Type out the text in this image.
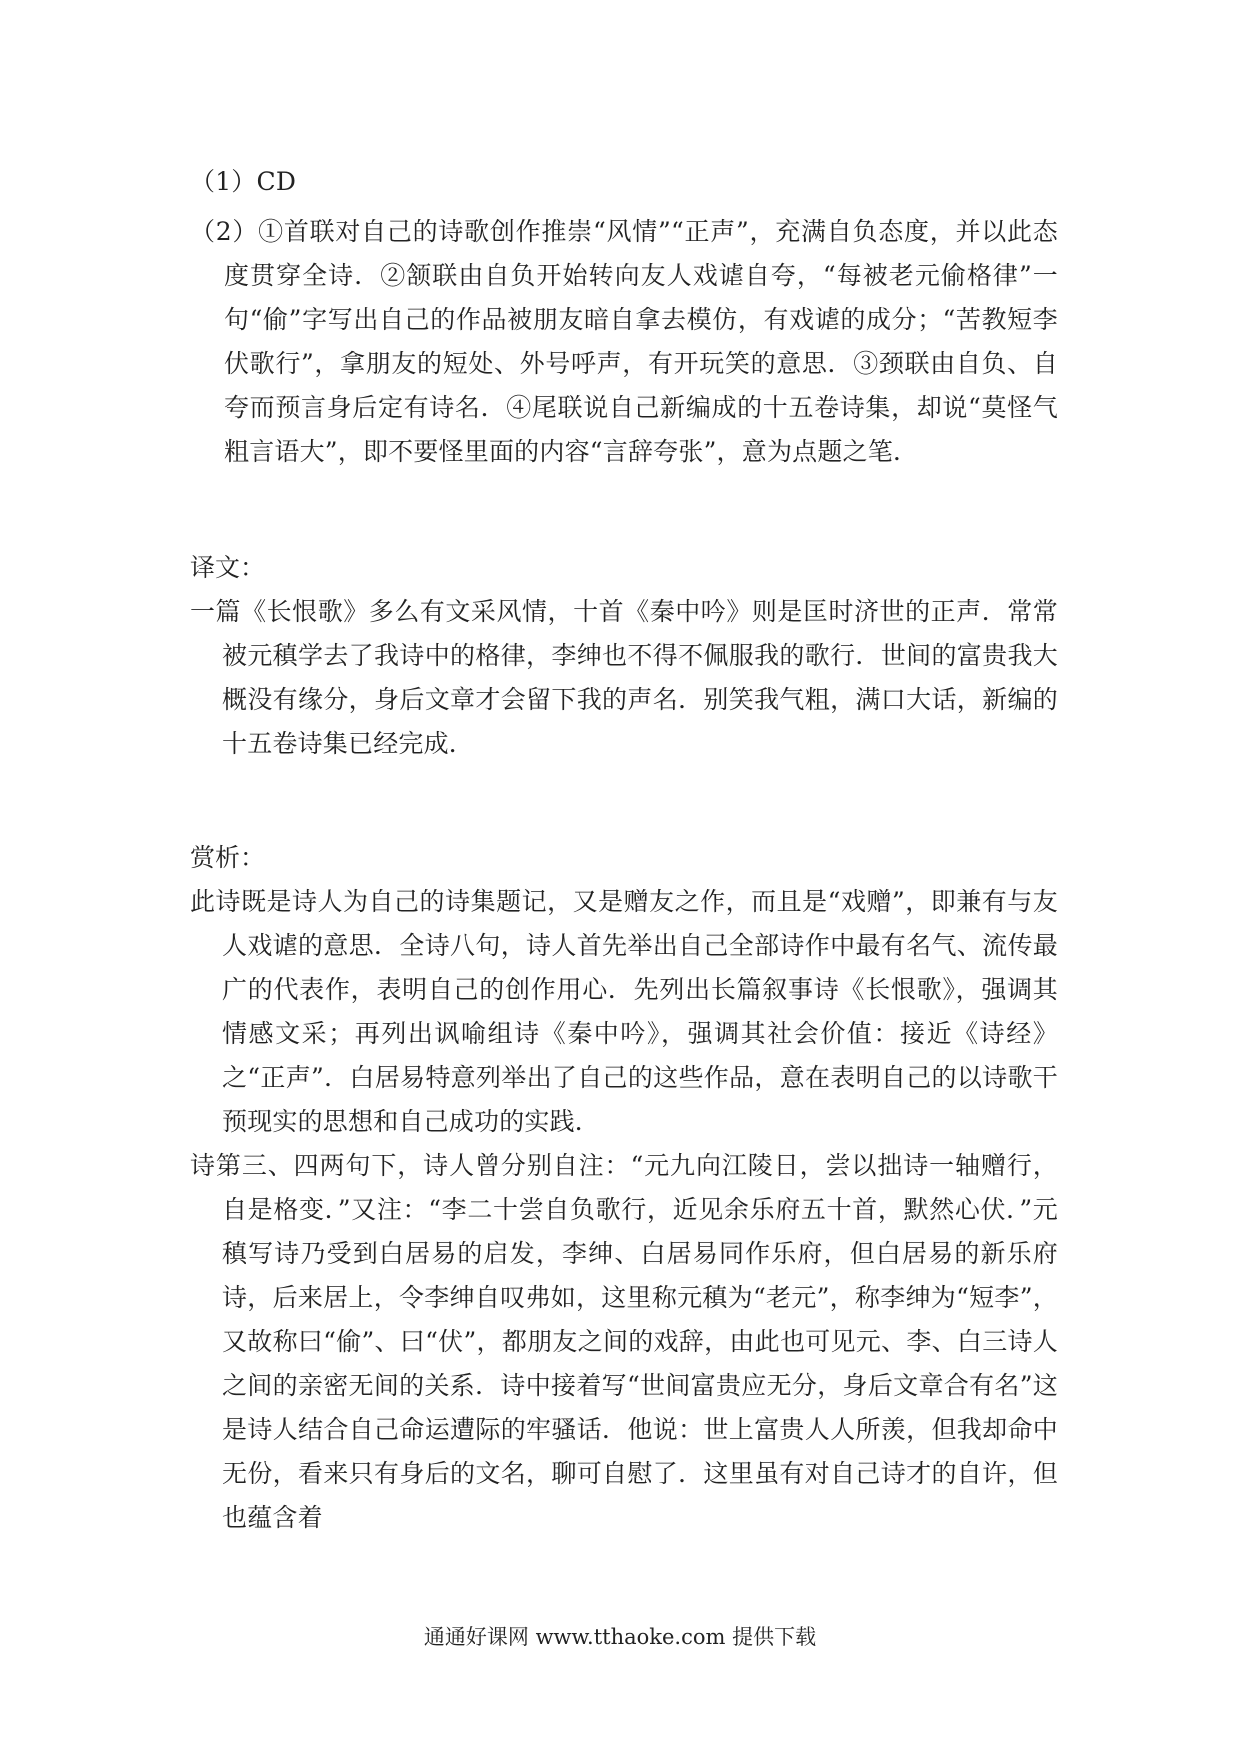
（1）CD

（2）①首联对自己的诗歌创作推崇“风情”“正声”，充满自负态度，并以此态度贯穿全诗．②颔联由自负开始转向友人戏谑自夸，“每被老元偷格律”一句“偷”字写出自己的作品被朋友暗自拿去模仿，有戏谑的成分；“苦教短李伏歌行”，拿朋友的短处、外号呼声，有开玩笑的意思．③颈联由自负、自夸而预言身后定有诗名．④尾联说自己新编成的十五卷诗集，却说“莫怪气粗言语大”，即不要怪里面的内容“言辞夸张”，意为点题之笔．

译文：

一篇《长恨歌》多么有文采风情，十首《秦中吟》则是匡时济世的正声．常常被元稹学去了我诗中的格律，李绅也不得不佩服我的歌行．世间的富贵我大概没有缘分，身后文章才会留下我的声名．别笑我气粗，满口大话，新编的十五卷诗集已经完成．

赏析：

此诗既是诗人为自己的诗集题记，又是赠友之作，而且是“戏赠”，即兼有与友人戏谑的意思．全诗八句，诗人首先举出自己全部诗作中最有名气、流传最广的代表作，表明自己的创作用心．先列出长篇叙事诗《长恨歌》，强调其情感文采；再列出讽喻组诗《秦中吟》，强调其社会价值：接近《诗经》之“正声”．白居易特意列举出了自己的这些作品，意在表明自己的以诗歌干预现实的思想和自己成功的实践．

诗第三、四两句下，诗人曾分别自注：“元九向江陵日，尝以拙诗一轴赠行，自是格变．”又注：“李二十尝自负歌行，近见余乐府五十首，默然心伏．”元稹写诗乃受到白居易的启发，李绅、白居易同作乐府，但白居易的新乐府诗，后来居上，令李绅自叹弗如，这里称元稹为“老元”，称李绅为“短李”，又故称曰“偷”、曰“伏”，都朋友之间的戏辞，由此也可见元、李、白三诗人之间的亲密无间的关系．诗中接着写“世间富贵应无分，身后文章合有名”这是诗人结合自己命运遭际的牢骚话．他说：世上富贵人人所羡，但我却命中无份，看来只有身后的文名，聊可自慰了．这里虽有对自己诗才的自许，但也蕴含着

通通好课网 www.tthaoke.com 提供下载
